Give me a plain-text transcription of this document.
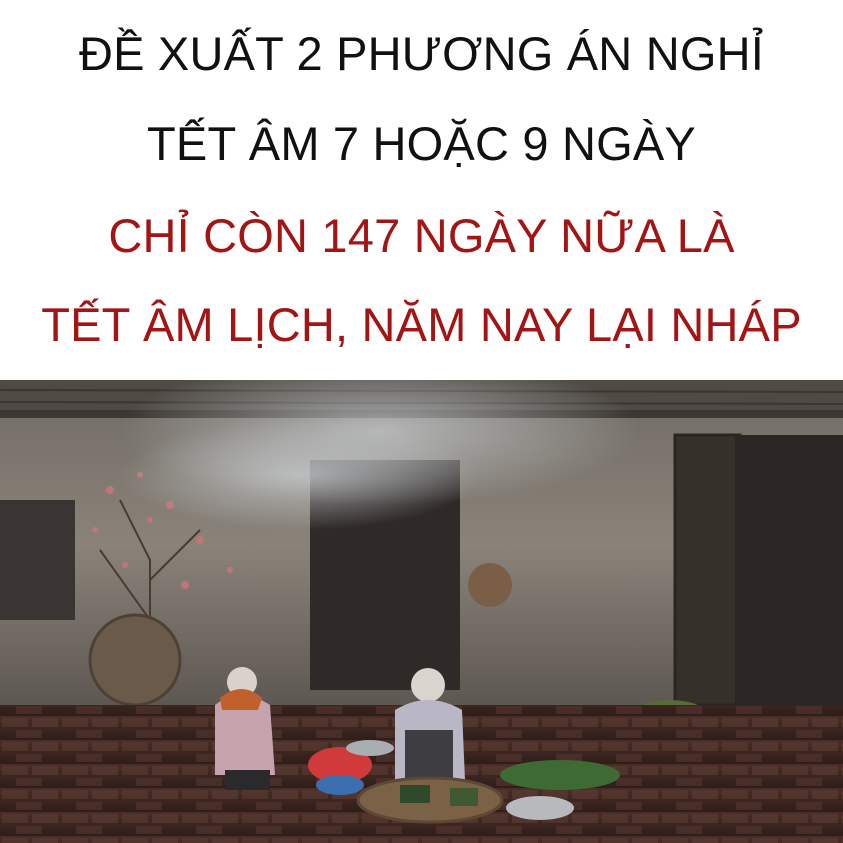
ĐỀ XUẤT 2 PHƯƠNG ÁN NGHỈ
TẾT ÂM 7 HOẶC 9 NGÀY
CHỈ CÒN 147 NGÀY NỮA LÀ
TẾT ÂM LỊCH, NĂM NAY LẠI NHÁP
